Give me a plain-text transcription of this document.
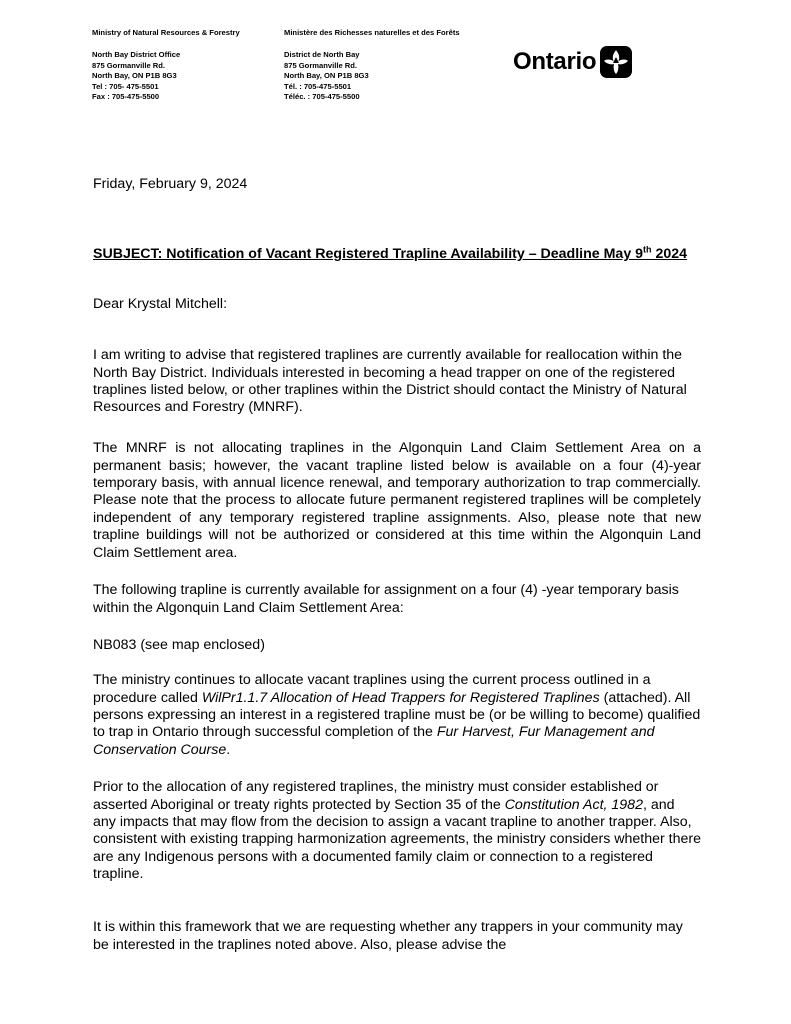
Ministry of Natural Resources & Forestry	Ministère des Richesses naturelles et des Forêts
North Bay District Office
875 Gormanville Rd.
North Bay, ON P1B 8G3
Tel : 705- 475-5501
Fax : 705-475-5500
District de North Bay
875 Gormanville Rd.
North Bay, ON P1B 8G3
Tél. : 705-475-5501
Téléc. : 705-475-5500
Ontario
Friday, February 9, 2024
SUBJECT: Notification of Vacant Registered Trapline Availability – Deadline May 9th 2024
Dear Krystal Mitchell:

I am writing to advise that registered traplines are currently available for reallocation within the North Bay District. Individuals interested in becoming a head trapper on one of the registered traplines listed below, or other traplines within the District should contact the Ministry of Natural Resources and Forestry (MNRF).

The MNRF is not allocating traplines in the Algonquin Land Claim Settlement Area on a permanent basis; however, the vacant trapline listed below is available on a four (4)-year temporary basis, with annual licence renewal, and temporary authorization to trap commercially. Please note that the process to allocate future permanent registered traplines will be completely independent of any temporary registered trapline assignments. Also, please note that new trapline buildings will not be authorized or considered at this time within the Algonquin Land Claim Settlement area.

The following trapline is currently available for assignment on a four (4) -year temporary basis within the Algonquin Land Claim Settlement Area:

NB083 (see map enclosed)

The ministry continues to allocate vacant traplines using the current process outlined in a procedure called WilPr1.1.7 Allocation of Head Trappers for Registered Traplines (attached). All persons expressing an interest in a registered trapline must be (or be willing to become) qualified to trap in Ontario through successful completion of the Fur Harvest, Fur Management and Conservation Course.

Prior to the allocation of any registered traplines, the ministry must consider established or asserted Aboriginal or treaty rights protected by Section 35 of the Constitution Act, 1982, and any impacts that may flow from the decision to assign a vacant trapline to another trapper. Also, consistent with existing trapping harmonization agreements, the ministry considers whether there are any Indigenous persons with a documented family claim or connection to a registered trapline.

It is within this framework that we are requesting whether any trappers in your community may be interested in the traplines noted above. Also, please advise the
